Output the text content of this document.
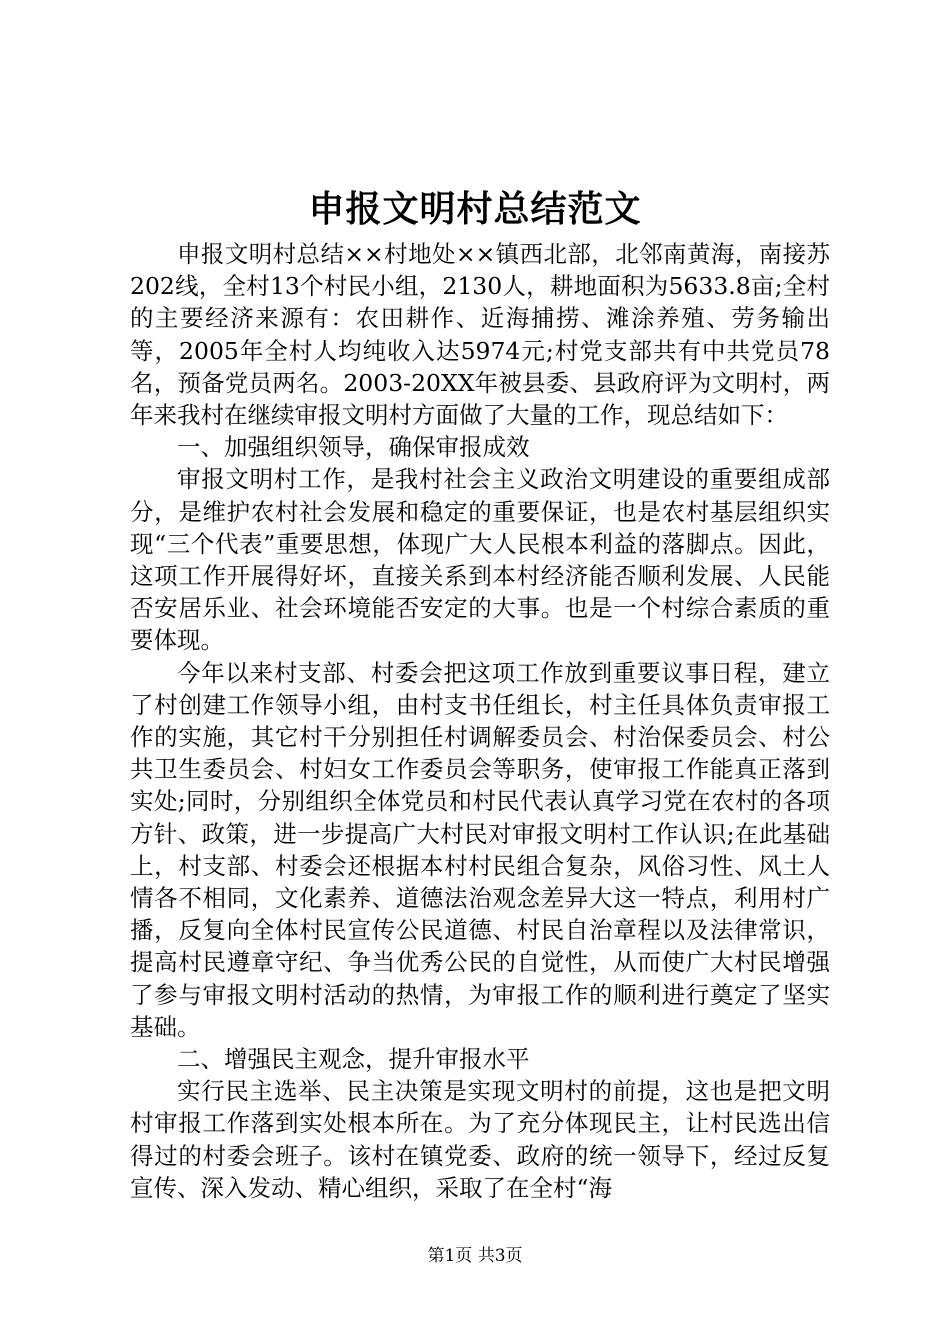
申报文明村总结范文

申报文明村总结××村地处××镇西北部，北邻南黄海，南接苏202线，全村13个村民小组，2130人，耕地面积为5633.8亩;全村的主要经济来源有：农田耕作、近海捕捞、滩涂养殖、劳务输出等，2005年全村人均纯收入达5974元;村党支部共有中共党员78名，预备党员两名。2003-20XX年被县委、县政府评为文明村，两年来我村在继续审报文明村方面做了大量的工作，现总结如下：

一、加强组织领导，确保审报成效

审报文明村工作，是我村社会主义政治文明建设的重要组成部分，是维护农村社会发展和稳定的重要保证，也是农村基层组织实现“三个代表”重要思想，体现广大人民根本利益的落脚点。因此，这项工作开展得好坏，直接关系到本村经济能否顺利发展、人民能否安居乐业、社会环境能否安定的大事。也是一个村综合素质的重要体现。

今年以来村支部、村委会把这项工作放到重要议事日程，建立了村创建工作领导小组，由村支书任组长，村主任具体负责审报工作的实施，其它村干分别担任村调解委员会、村治保委员会、村公共卫生委员会、村妇女工作委员会等职务，使审报工作能真正落到实处;同时，分别组织全体党员和村民代表认真学习党在农村的各项方针、政策，进一步提高广大村民对审报文明村工作认识;在此基础上，村支部、村委会还根据本村村民组合复杂，风俗习性、风土人情各不相同，文化素养、道德法治观念差异大这一特点，利用村广播，反复向全体村民宣传公民道德、村民自治章程以及法律常识，提高村民遵章守纪、争当优秀公民的自觉性，从而使广大村民增强了参与审报文明村活动的热情，为审报工作的顺利进行奠定了坚实基础。

二、增强民主观念，提升审报水平

实行民主选举、民主决策是实现文明村的前提，这也是把文明村审报工作落到实处根本所在。为了充分体现民主，让村民选出信得过的村委会班子。该村在镇党委、政府的统一领导下，经过反复宣传、深入发动、精心组织，采取了在全村“海

第1页 共3页
